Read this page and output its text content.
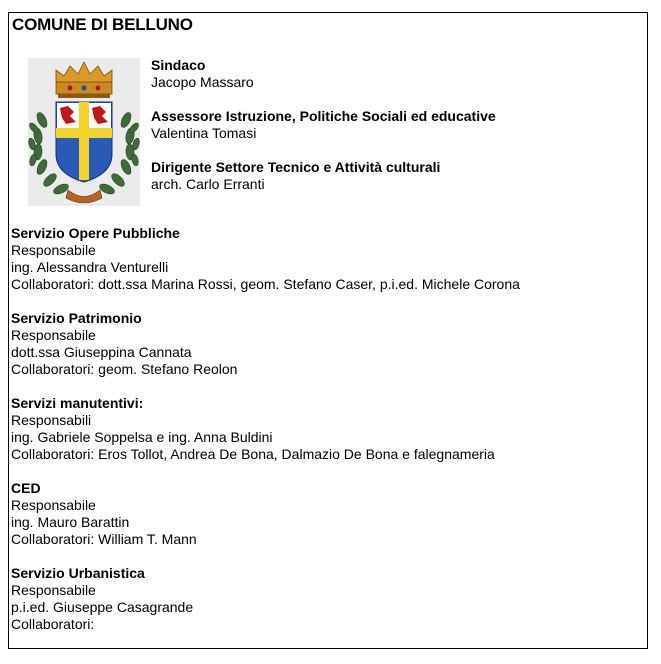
COMUNE DI BELLUNO
Sindaco
Jacopo Massaro
Assessore Istruzione, Politiche Sociali ed educative
Valentina Tomasi
Dirigente Settore Tecnico e Attività culturali
arch. Carlo Erranti
Servizio Opere Pubbliche
Responsabile
ing. Alessandra Venturelli
Collaboratori: dott.ssa Marina Rossi, geom. Stefano Caser, p.i.ed. Michele Corona
Servizio Patrimonio
Responsabile
dott.ssa Giuseppina Cannata
Collaboratori: geom. Stefano Reolon
Servizi manutentivi:
Responsabili
ing. Gabriele Soppelsa e ing. Anna Buldini
Collaboratori: Eros Tollot, Andrea De Bona, Dalmazio De Bona e falegnameria
CED
Responsabile
ing. Mauro Barattin
Collaboratori: William T. Mann
Servizio Urbanistica
Responsabile
p.i.ed. Giuseppe Casagrande
Collaboratori:
